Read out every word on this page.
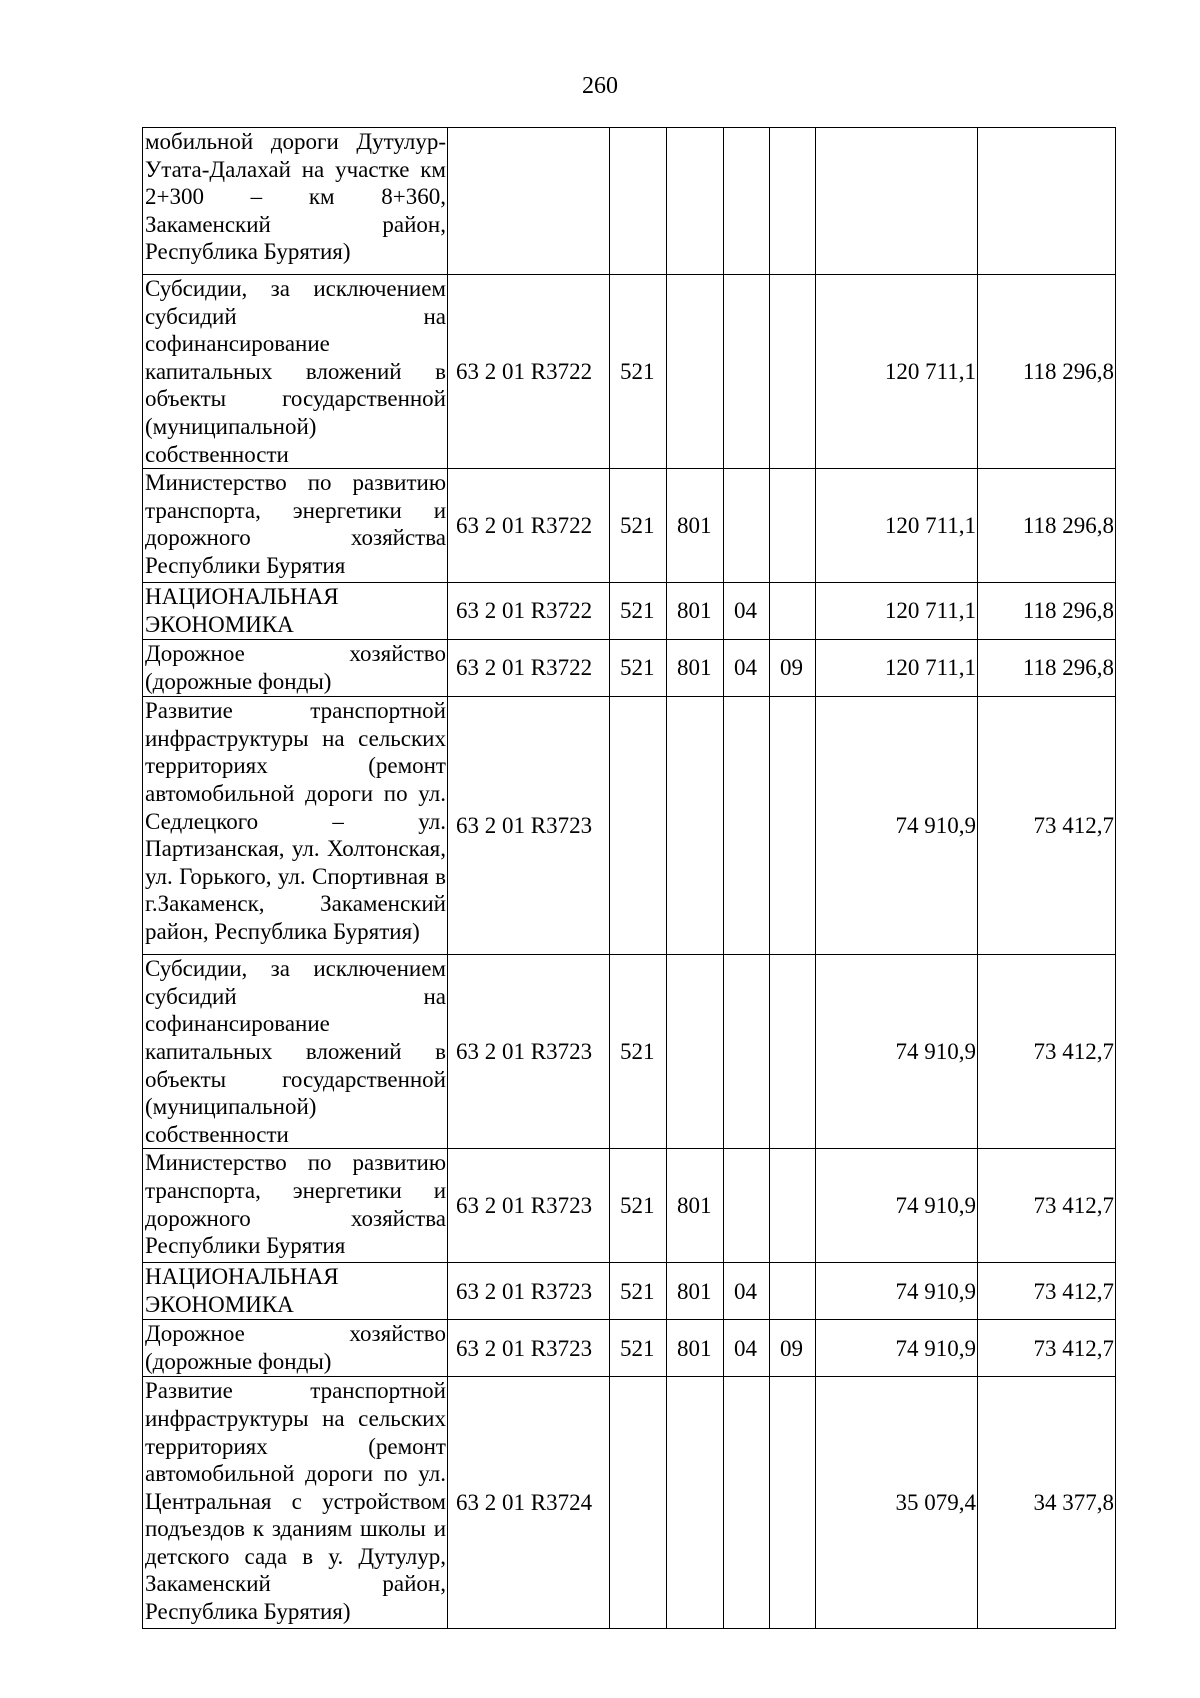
260
мобильной дороги Дутулур-Утата-Далахай на участке км 2+300 – км 8+360, Закаменский район, Республика Бурятия)							
Субсидии, за исключением субсидий на софинансирование капитальных вложений в объекты государственной (муниципальной) собственности	63 2 01 R3722	521				120 711,1	118 296,8
Министерство по развитию транспорта, энергетики и дорожного хозяйства Республики Бурятия	63 2 01 R3722	521	801			120 711,1	118 296,8
НАЦИОНАЛЬНАЯ ЭКОНОМИКА	63 2 01 R3722	521	801	04		120 711,1	118 296,8
Дорожное хозяйство (дорожные фонды)	63 2 01 R3722	521	801	04	09	120 711,1	118 296,8
Развитие транспортной инфраструктуры на сельских территориях (ремонт автомобильной дороги по ул. Седлецкого – ул. Партизанская, ул. Холтонская, ул. Горького, ул. Спортивная в г.Закаменск, Закаменский район, Республика Бурятия)	63 2 01 R3723					74 910,9	73 412,7
Субсидии, за исключением субсидий на софинансирование капитальных вложений в объекты государственной (муниципальной) собственности	63 2 01 R3723	521				74 910,9	73 412,7
Министерство по развитию транспорта, энергетики и дорожного хозяйства Республики Бурятия	63 2 01 R3723	521	801			74 910,9	73 412,7
НАЦИОНАЛЬНАЯ ЭКОНОМИКА	63 2 01 R3723	521	801	04		74 910,9	73 412,7
Дорожное хозяйство (дорожные фонды)	63 2 01 R3723	521	801	04	09	74 910,9	73 412,7
Развитие транспортной инфраструктуры на сельских территориях (ремонт автомобильной дороги по ул. Центральная с устройством подъездов к зданиям школы и детского сада в у. Дутулур, Закаменский район, Республика Бурятия)	63 2 01 R3724					35 079,4	34 377,8
